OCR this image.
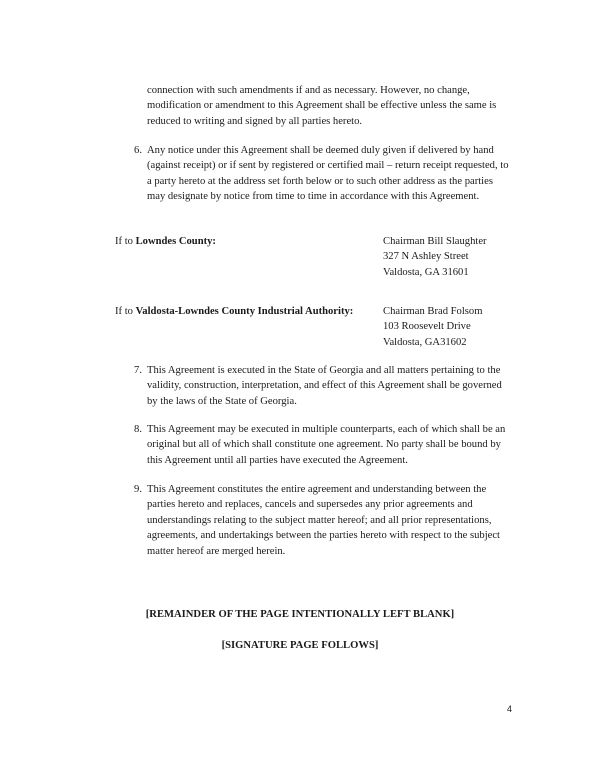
connection with such amendments if and as necessary. However, no change, modification or amendment to this Agreement shall be effective unless the same is reduced to writing and signed by all parties hereto.

6. Any notice under this Agreement shall be deemed duly given if delivered by hand (against receipt) or if sent by registered or certified mail – return receipt requested, to a party hereto at the address set forth below or to such other address as the parties may designate by notice from time to time in accordance with this Agreement.
If to Lowndes County:	Chairman Bill Slaughter
327 N Ashley Street
Valdosta, GA 31601
If to Valdosta-Lowndes County Industrial Authority:	Chairman Brad Folsom
103 Roosevelt Drive
Valdosta, GA31602
7. This Agreement is executed in the State of Georgia and all matters pertaining to the validity, construction, interpretation, and effect of this Agreement shall be governed by the laws of the State of Georgia.
8. This Agreement may be executed in multiple counterparts, each of which shall be an original but all of which shall constitute one agreement. No party shall be bound by this Agreement until all parties have executed the Agreement.
9. This Agreement constitutes the entire agreement and understanding between the parties hereto and replaces, cancels and supersedes any prior agreements and understandings relating to the subject matter hereof; and all prior representations, agreements, and undertakings between the parties hereto with respect to the subject matter hereof are merged herein.
[REMAINDER OF THE PAGE INTENTIONALLY LEFT BLANK]
[SIGNATURE PAGE FOLLOWS]
4
